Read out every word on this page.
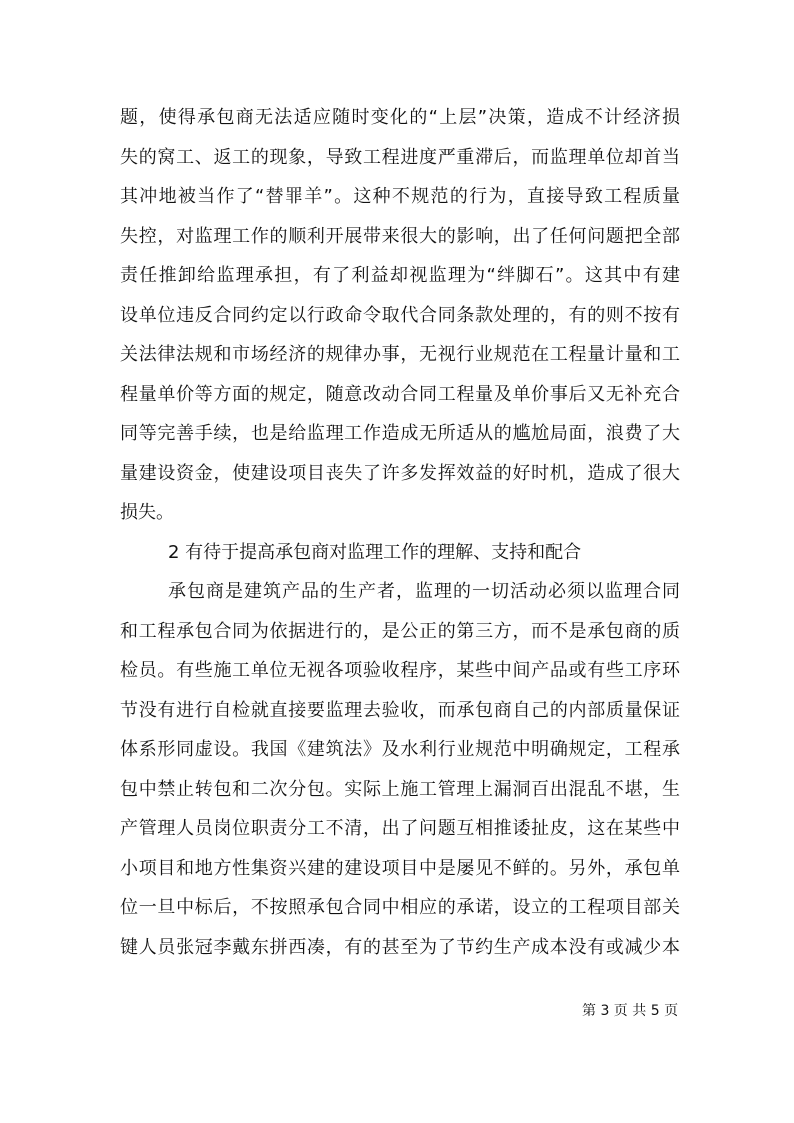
题，使得承包商无法适应随时变化的“上层”决策，造成不计经济损
失的窝工、返工的现象，导致工程进度严重滞后，而监理单位却首当
其冲地被当作了“替罪羊”。这种不规范的行为，直接导致工程质量
失控，对监理工作的顺利开展带来很大的影响，出了任何问题把全部
责任推卸给监理承担，有了利益却视监理为“绊脚石”。这其中有建
设单位违反合同约定以行政命令取代合同条款处理的，有的则不按有
关法律法规和市场经济的规律办事，无视行业规范在工程量计量和工
程量单价等方面的规定，随意改动合同工程量及单价事后又无补充合
同等完善手续，也是给监理工作造成无所适从的尴尬局面，浪费了大
量建设资金，使建设项目丧失了许多发挥效益的好时机，造成了很大
损失。
2 有待于提高承包商对监理工作的理解、支持和配合
承包商是建筑产品的生产者，监理的一切活动必须以监理合同
和工程承包合同为依据进行的，是公正的第三方，而不是承包商的质
检员。有些施工单位无视各项验收程序，某些中间产品或有些工序环
节没有进行自检就直接要监理去验收，而承包商自己的内部质量保证
体系形同虚设。我国《建筑法》及水利行业规范中明确规定，工程承
包中禁止转包和二次分包。实际上施工管理上漏洞百出混乱不堪，生
产管理人员岗位职责分工不清，出了问题互相推诿扯皮，这在某些中
小项目和地方性集资兴建的建设项目中是屡见不鲜的。另外，承包单
位一旦中标后，不按照承包合同中相应的承诺，设立的工程项目部关
键人员张冠李戴东拼西凑，有的甚至为了节约生产成本没有或减少本
第 3 页 共 5 页
